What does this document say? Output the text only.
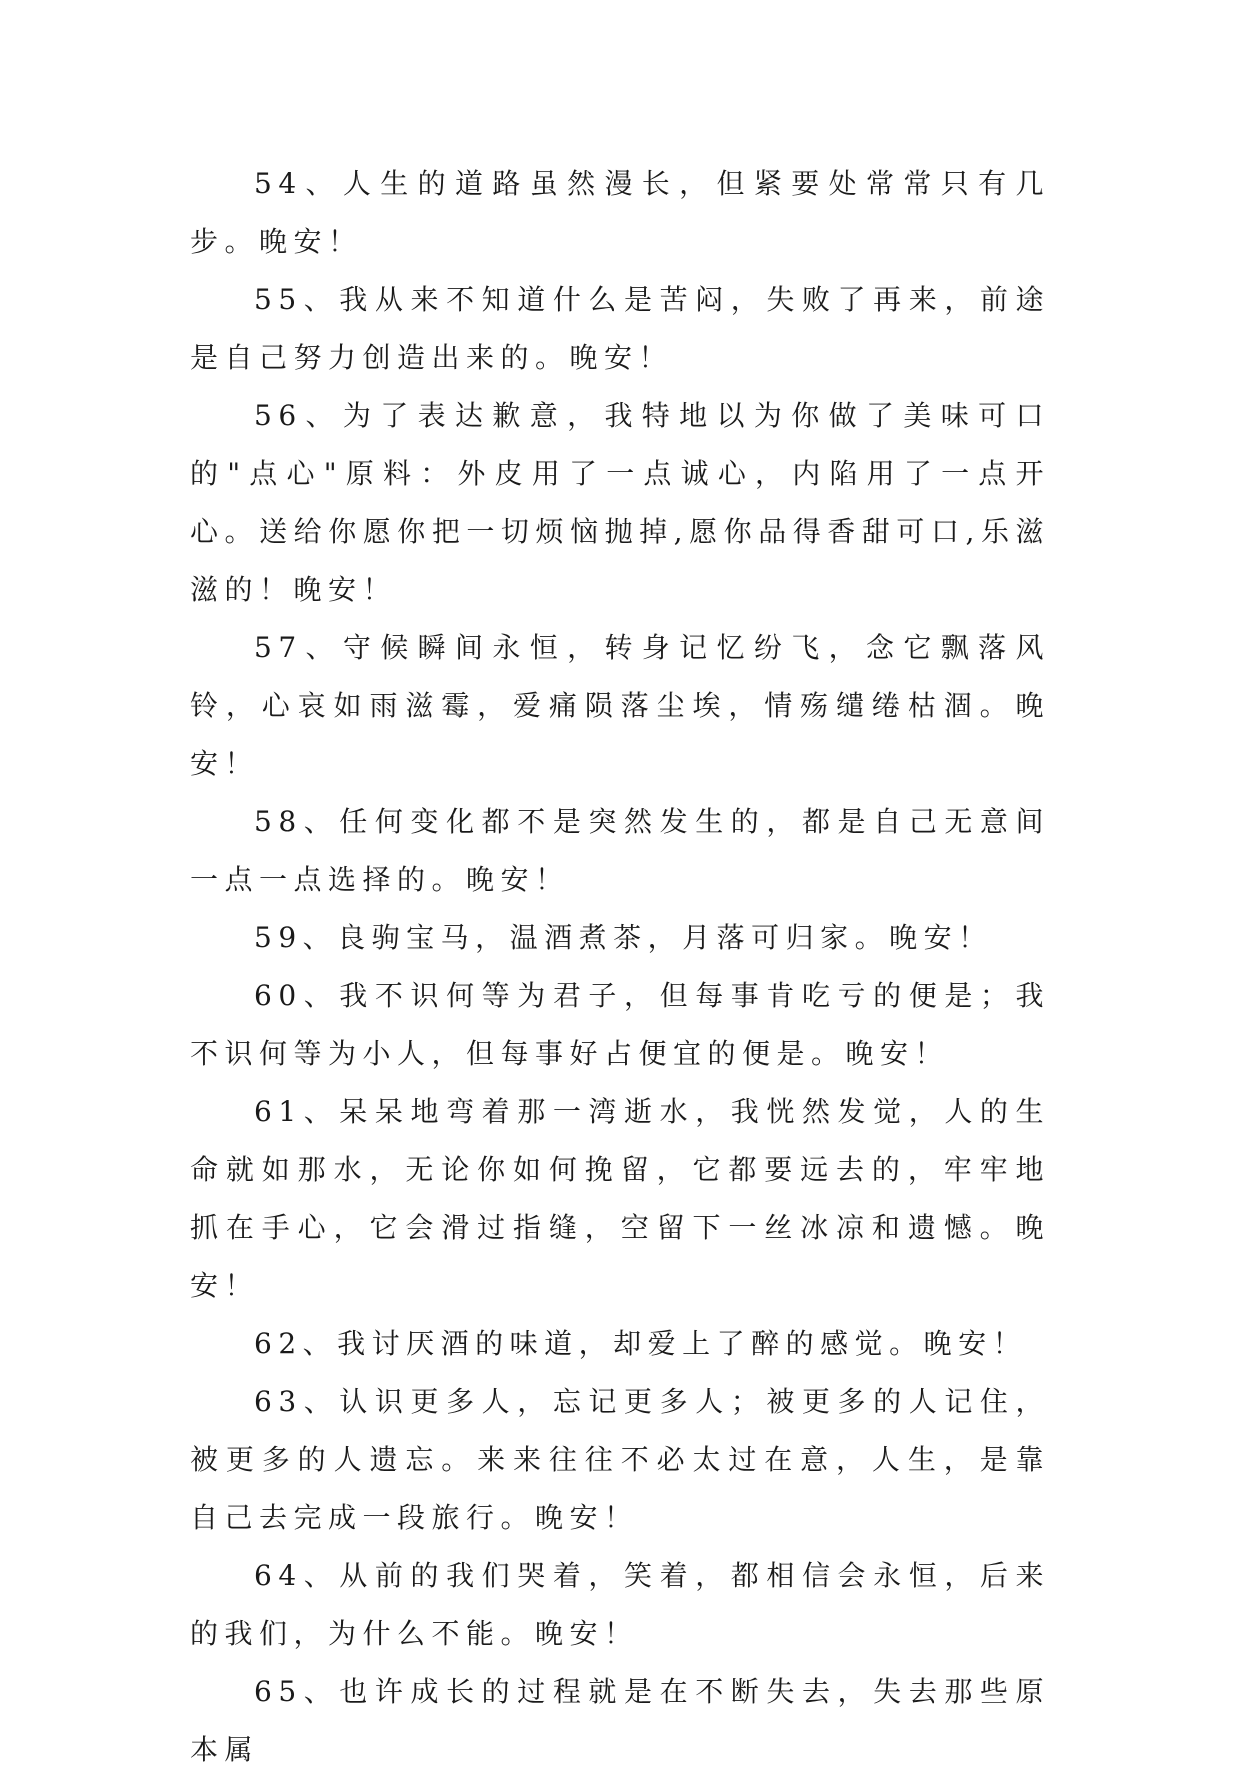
54、人生的道路虽然漫长，但紧要处常常只有几步。晚安！

55、我从来不知道什么是苦闷，失败了再来，前途是自己努力创造出来的。晚安！

56、为了表达歉意，我特地以为你做了美味可口的"点心"原料：外皮用了一点诚心，内陷用了一点开心。送给你愿你把一切烦恼抛掉,愿你品得香甜可口,乐滋滋的！晚安！

57、守候瞬间永恒，转身记忆纷飞，念它飘落风铃，心哀如雨滋霉，爱痛陨落尘埃，情殇缱绻枯涸。晚安！

58、任何变化都不是突然发生的，都是自己无意间一点一点选择的。晚安！

59、良驹宝马，温酒煮茶，月落可归家。晚安！

60、我不识何等为君子，但每事肯吃亏的便是；我不识何等为小人，但每事好占便宜的便是。晚安！

61、呆呆地弯着那一湾逝水，我恍然发觉，人的生命就如那水，无论你如何挽留，它都要远去的，牢牢地抓在手心，它会滑过指缝，空留下一丝冰凉和遗憾。晚安！

62、我讨厌酒的味道，却爱上了醉的感觉。晚安！

63、认识更多人，忘记更多人；被更多的人记住，被更多的人遗忘。来来往往不必太过在意，人生，是靠自己去完成一段旅行。晚安！

64、从前的我们哭着，笑着，都相信会永恒，后来的我们，为什么不能。晚安！

65、也许成长的过程就是在不断失去，失去那些原本属
